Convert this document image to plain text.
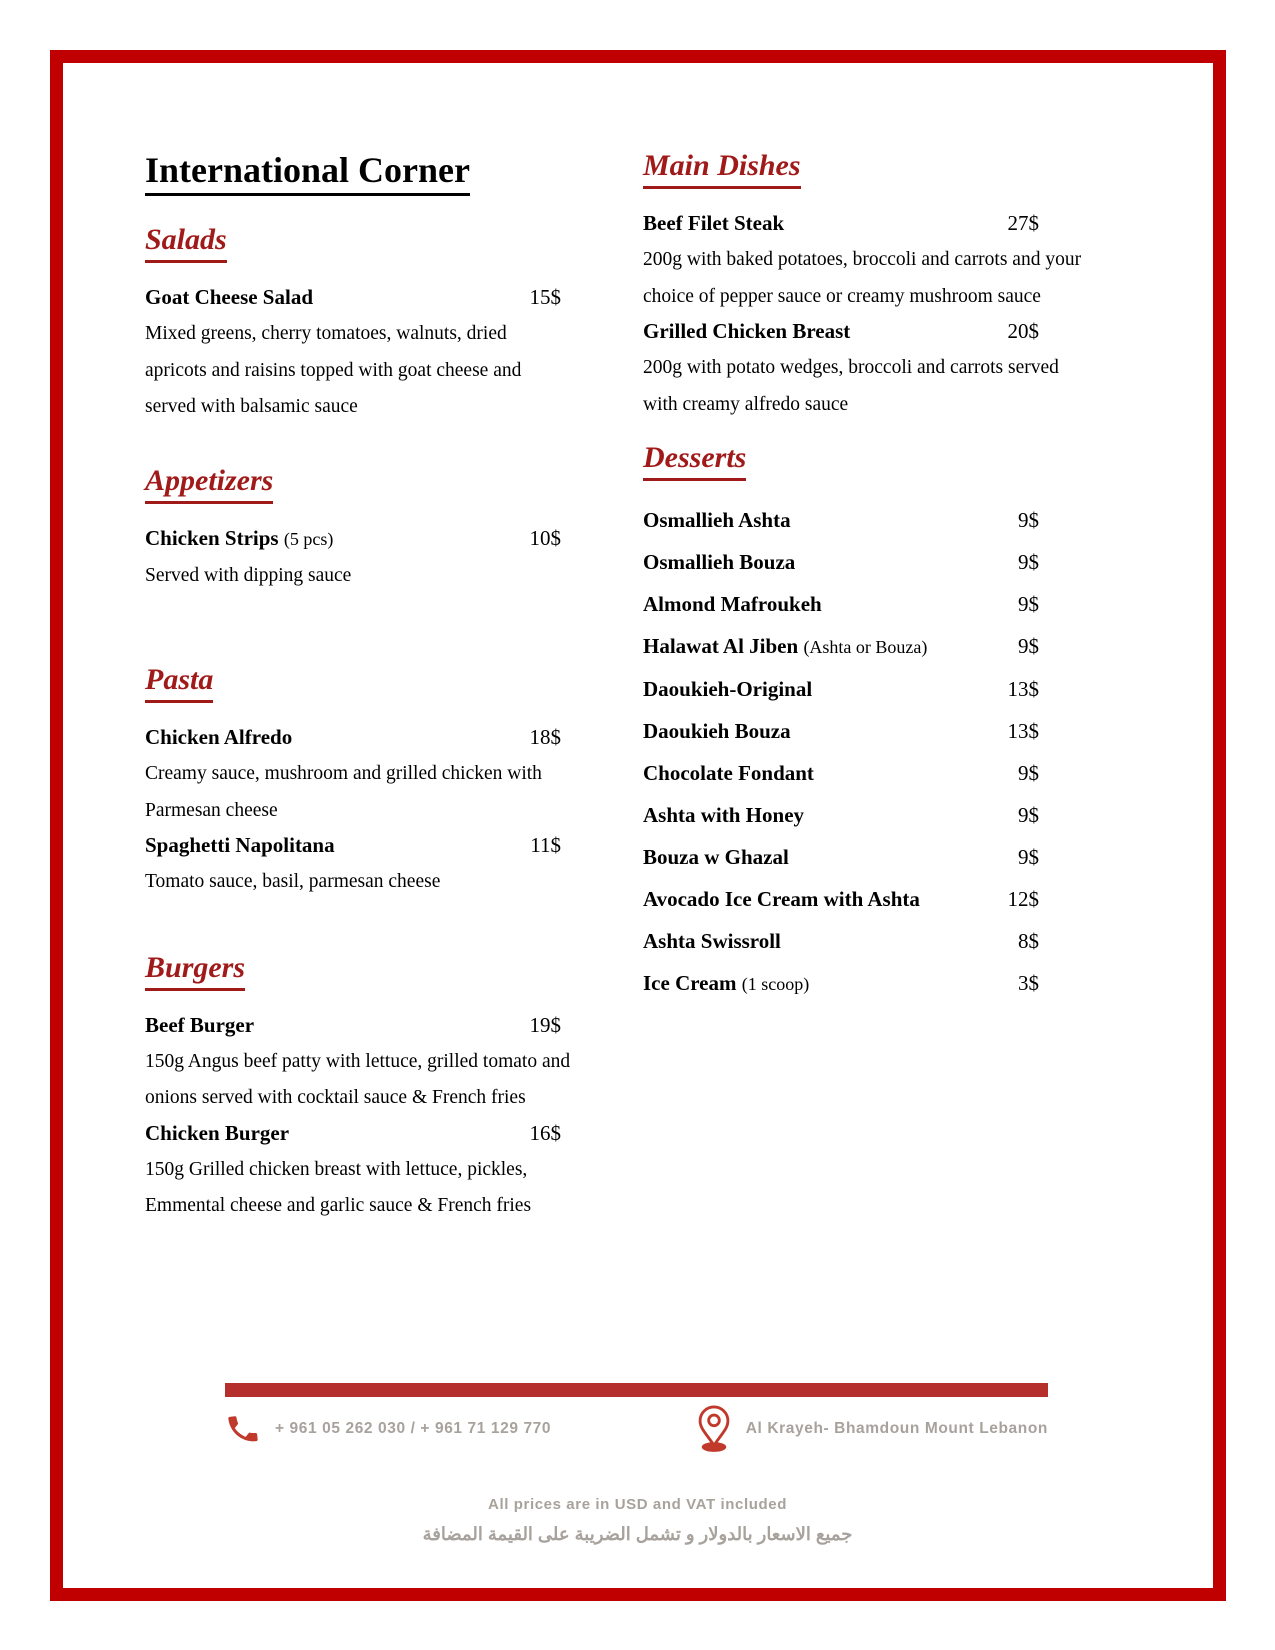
International Corner
Salads
Goat Cheese Salad	15$

Mixed greens, cherry tomatoes, walnuts, dried apricots and raisins topped with goat cheese and served with balsamic sauce

Appetizers
Chicken Strips (5 pcs)	10$

Served with dipping sauce

Pasta
Chicken Alfredo	18$

Creamy sauce, mushroom and grilled chicken with Parmesan cheese

Spaghetti Napolitana	11$

Tomato sauce, basil, parmesan cheese

Burgers
Beef Burger	19$

150g Angus beef patty with lettuce, grilled tomato and onions served with cocktail sauce & French fries

Chicken Burger	16$

150g Grilled chicken breast with lettuce, pickles, Emmental cheese and garlic sauce & French fries

Main Dishes
Beef Filet Steak	27$

200g with baked potatoes, broccoli and carrots and your choice of pepper sauce or creamy mushroom sauce

Grilled Chicken Breast	20$

200g with potato wedges, broccoli and carrots served with creamy alfredo sauce

Desserts
Osmallieh Ashta	9$
Osmallieh Bouza	9$
Almond Mafroukeh	9$
Halawat Al Jiben (Ashta or Bouza)	9$
Daoukieh-Original	13$
Daoukieh Bouza	13$
Chocolate Fondant	9$
Ashta with Honey	9$
Bouza w Ghazal	9$
Avocado Ice Cream with Ashta	12$
Ashta Swissroll	8$
Ice Cream (1 scoop)	3$
+ 961 05 262 030 / + 961 71 129 770	Al Krayeh- Bhamdoun Mount Lebanon
All prices are in USD and VAT included
جميع الاسعار بالدولار و تشمل الضريبة على القيمة المضافة
